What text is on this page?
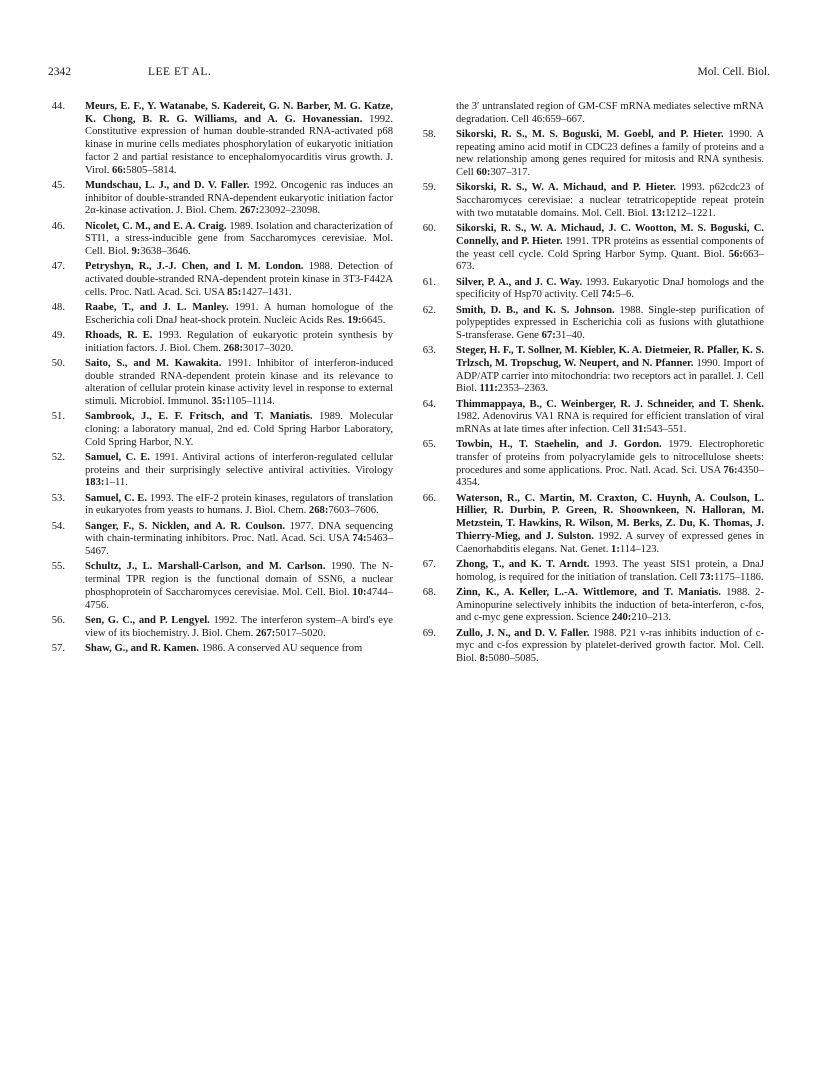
2342	LEE ET AL.	Mol. Cell. Biol.

44. Meurs, E. F., Y. Watanabe, S. Kadereit, G. N. Barber, M. G. Katze, K. Chong, B. R. G. Williams, and A. G. Hovanessian. 1992. Constitutive expression of human double-stranded RNA-activated p68 kinase in murine cells mediates phosphorylation of eukaryotic initiation factor 2 and partial resistance to encephalomyocarditis virus growth. J. Virol. 66:5805–5814.

45. Mundschau, L. J., and D. V. Faller. 1992. Oncogenic ras induces an inhibitor of double-stranded RNA-dependent eukaryotic initiation factor 2α-kinase activation. J. Biol. Chem. 267:23092–23098.

46. Nicolet, C. M., and E. A. Craig. 1989. Isolation and characterization of STI1, a stress-inducible gene from Saccharomyces cerevisiae. Mol. Cell. Biol. 9:3638–3646.

47. Petryshyn, R., J.-J. Chen, and I. M. London. 1988. Detection of activated double-stranded RNA-dependent protein kinase in 3T3-F442A cells. Proc. Natl. Acad. Sci. USA 85:1427–1431.

48. Raabe, T., and J. L. Manley. 1991. A human homologue of the Escherichia coli DnaJ heat-shock protein. Nucleic Acids Res. 19:6645.

49. Rhoads, R. E. 1993. Regulation of eukaryotic protein synthesis by initiation factors. J. Biol. Chem. 268:3017–3020.

50. Saito, S., and M. Kawakita. 1991. Inhibitor of interferon-induced double stranded RNA-dependent protein kinase and its relevance to alteration of cellular protein kinase activity level in response to external stimuli. Microbiol. Immunol. 35:1105–1114.

51. Sambrook, J., E. F. Fritsch, and T. Maniatis. 1989. Molecular cloning: a laboratory manual, 2nd ed. Cold Spring Harbor Laboratory, Cold Spring Harbor, N.Y.

52. Samuel, C. E. 1991. Antiviral actions of interferon-regulated cellular proteins and their surprisingly selective antiviral activities. Virology 183:1–11.

53. Samuel, C. E. 1993. The eIF-2 protein kinases, regulators of translation in eukaryotes from yeasts to humans. J. Biol. Chem. 268:7603–7606.

54. Sanger, F., S. Nicklen, and A. R. Coulson. 1977. DNA sequencing with chain-terminating inhibitors. Proc. Natl. Acad. Sci. USA 74:5463–5467.

55. Schultz, J., L. Marshall-Carlson, and M. Carlson. 1990. The N-terminal TPR region is the functional domain of SSN6, a nuclear phosphoprotein of Saccharomyces cerevisiae. Mol. Cell. Biol. 10:4744–4756.

56. Sen, G. C., and P. Lengyel. 1992. The interferon system–A bird's eye view of its biochemistry. J. Biol. Chem. 267:5017–5020.

57. Shaw, G., and R. Kamen. 1986. A conserved AU sequence from

the 3′ untranslated region of GM-CSF mRNA mediates selective mRNA degradation. Cell 46:659–667.

58. Sikorski, R. S., M. S. Boguski, M. Goebl, and P. Hieter. 1990. A repeating amino acid motif in CDC23 defines a family of proteins and a new relationship among genes required for mitosis and RNA synthesis. Cell 60:307–317.

59. Sikorski, R. S., W. A. Michaud, and P. Hieter. 1993. p62cdc23 of Saccharomyces cerevisiae: a nuclear tetratricopeptide repeat protein with two mutatable domains. Mol. Cell. Biol. 13:1212–1221.

60. Sikorski, R. S., W. A. Michaud, J. C. Wootton, M. S. Boguski, C. Connelly, and P. Hieter. 1991. TPR proteins as essential components of the yeast cell cycle. Cold Spring Harbor Symp. Quant. Biol. 56:663–673.

61. Silver, P. A., and J. C. Way. 1993. Eukaryotic DnaJ homologs and the specificity of Hsp70 activity. Cell 74:5–6.

62. Smith, D. B., and K. S. Johnson. 1988. Single-step purification of polypeptides expressed in Escherichia coli as fusions with glutathione S-transferase. Gene 67:31–40.

63. Steger, H. F., T. Sollner, M. Kiebler, K. A. Dietmeier, R. Pfaller, K. S. Trlzsch, M. Tropschug, W. Neupert, and N. Pfanner. 1990. Import of ADP/ATP carrier into mitochondria: two receptors act in parallel. J. Cell Biol. 111:2353–2363.

64. Thimmappaya, B., C. Weinberger, R. J. Schneider, and T. Shenk. 1982. Adenovirus VA1 RNA is required for efficient translation of viral mRNAs at late times after infection. Cell 31:543–551.

65. Towbin, H., T. Staehelin, and J. Gordon. 1979. Electrophoretic transfer of proteins from polyacrylamide gels to nitrocellulose sheets: procedures and some applications. Proc. Natl. Acad. Sci. USA 76:4350–4354.

66. Waterson, R., C. Martin, M. Craxton, C. Huynh, A. Coulson, L. Hillier, R. Durbin, P. Green, R. Shoownkeen, N. Halloran, M. Metzstein, T. Hawkins, R. Wilson, M. Berks, Z. Du, K. Thomas, J. Thierry-Mieg, and J. Sulston. 1992. A survey of expressed genes in Caenorhabditis elegans. Nat. Genet. 1:114–123.

67. Zhong, T., and K. T. Arndt. 1993. The yeast SIS1 protein, a DnaJ homolog, is required for the initiation of translation. Cell 73:1175–1186.

68. Zinn, K., A. Keller, L.-A. Wittlemore, and T. Maniatis. 1988. 2-Aminopurine selectively inhibits the induction of beta-interferon, c-fos, and c-myc gene expression. Science 240:210–213.

69. Zullo, J. N., and D. V. Faller. 1988. P21 v-ras inhibits induction of c-myc and c-fos expression by platelet-derived growth factor. Mol. Cell. Biol. 8:5080–5085.
